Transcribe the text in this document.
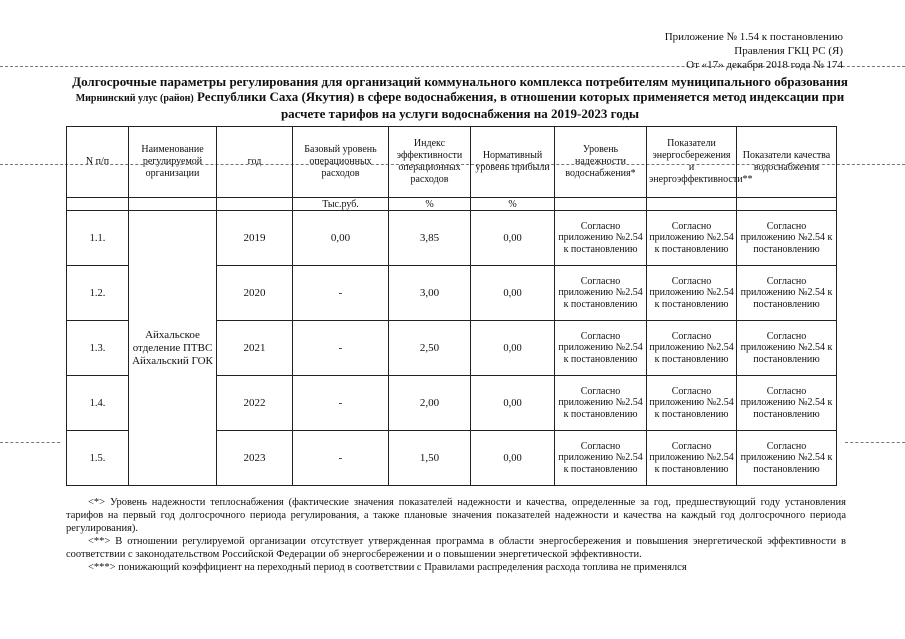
Приложение № 1.54 к постановлению
Правления ГКЦ РС (Я)
От «17» декабря 2018 года № 174
Долгосрочные параметры регулирования для организаций коммунального комплекса потребителям муниципального образования Мирнинский улус (район) Республики Саха (Якутия) в сфере водоснабжения, в отношении которых применяется метод индексации при расчете тарифов на услуги водоснабжения на 2019-2023 годы
N п/п	Наименование регулируемой организации	год	Базовый уровень операционных расходов	Индекс эффективности операционных расходов	Нормативный уровень прибыли	Уровень надежности водоснабжения*	Показатели энергосбережения и энергоэффективности**	Показатели качества водоснабжения
			Тыс.руб.	%	%			
1.1.	Айхальское отделение ПТВС Айхальский ГОК	2019	0,00	3,85	0,00	Согласно приложению №2.54 к постановлению	Согласно приложению №2.54 к постановлению	Согласно приложению №2.54 к постановлению
1.2.		2020	-	3,00	0,00	Согласно приложению №2.54 к постановлению	Согласно приложению №2.54 к постановлению	Согласно приложению №2.54 к постановлению
1.3.		2021	-	2,50	0,00	Согласно приложению №2.54 к постановлению	Согласно приложению №2.54 к постановлению	Согласно приложению №2.54 к постановлению
1.4.		2022	-	2,00	0,00	Согласно приложению №2.54 к постановлению	Согласно приложению №2.54 к постановлению	Согласно приложению №2.54 к постановлению
1.5.		2023	-	1,50	0,00	Согласно приложению №2.54 к постановлению	Согласно приложению №2.54 к постановлению	Согласно приложению №2.54 к постановлению

<*> Уровень надежности теплоснабжения (фактические значения показателей надежности и качества, определенные за год, предшествующий году установления тарифов на первый год долгосрочного периода регулирования, а также плановые значения показателей надежности и качества на каждый год долгосрочного периода регулирования).

<**> В отношении регулируемой организации отсутствует утвержденная программа в области энергосбережения и повышения энергетической эффективности в соответствии с законодательством Российской Федерации об энергосбережении и о повышении энергетической эффективности.

<***> понижающий коэффициент на переходный период в соответствии с Правилами распределения расхода топлива не применялся
